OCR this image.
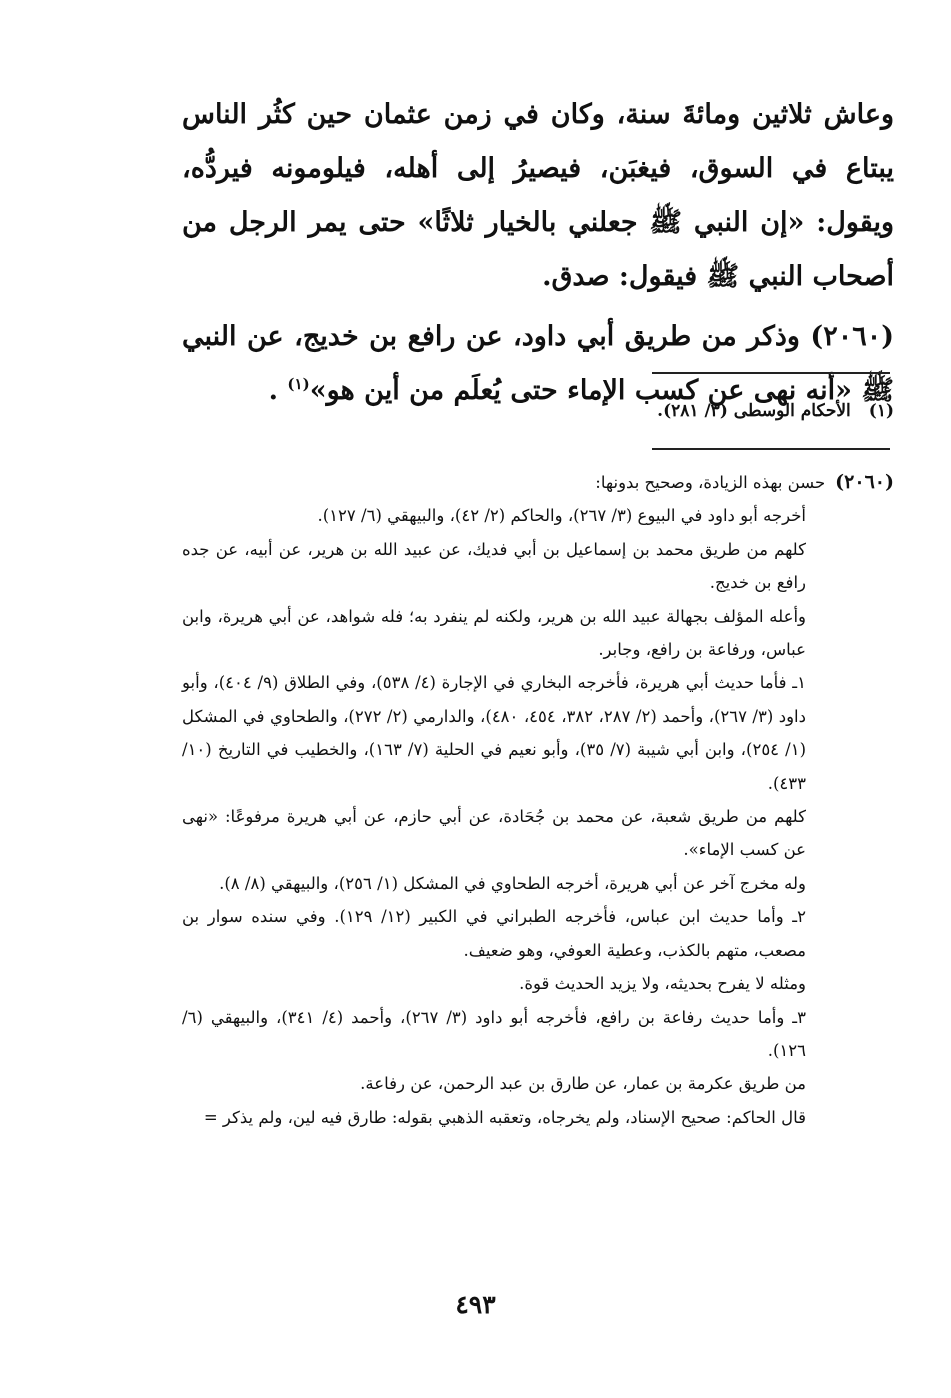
وعاش ثلاثين ومائةَ سنة، وكان في زمن عثمان حين كثُر الناس يبتاع في السوق، فيغبَن، فيصيرُ إلى أهله، فيلومونه فيردُّه، ويقول: «إن النبي ﷺ جعلني بالخيار ثلاثًا» حتى يمر الرجل من أصحاب النبي ﷺ فيقول: صدق.

(٢٠٦٠) وذكر من طريق أبي داود، عن رافع بن خديج، عن النبي ﷺ «أنه نهى عن كسب الإماء حتى يُعلَم من أين هو»$^{(١)}$ .

(١)الأحكام الوسطى (٣/ ٢٨١).

(٢٠٦٠)حسن بهذه الزيادة، وصحيح بدونها:

أخرجه أبو داود في البيوع (٣/ ٢٦٧)، والحاكم (٢/ ٤٢)، والبيهقي (٦/ ١٢٧).

كلهم من طريق محمد بن إسماعيل بن أبي فديك، عن عبيد الله بن هرير، عن أبيه، عن جده رافع بن خديج.

وأعله المؤلف بجهالة عبيد الله بن هرير، ولكنه لم ينفرد به؛ فله شواهد، عن أبي هريرة، وابن عباس، ورفاعة بن رافع، وجابر.

١ـ فأما حديث أبي هريرة، فأخرجه البخاري في الإجارة (٤/ ٥٣٨)، وفي الطلاق (٩/ ٤٠٤)، وأبو داود (٣/ ٢٦٧)، وأحمد (٢/ ٢٨٧، ٣٨٢، ٤٥٤، ٤٨٠)، والدارمي (٢/ ٢٧٢)، والطحاوي في المشكل (١/ ٢٥٤)، وابن أبي شيبة (٧/ ٣٥)، وأبو نعيم في الحلية (٧/ ١٦٣)، والخطيب في التاريخ (١٠/ ٤٣٣).

كلهم من طريق شعبة، عن محمد بن جُحَادة، عن أبي حازم، عن أبي هريرة مرفوعًا: «نهى عن كسب الإماء».

وله مخرج آخر عن أبي هريرة، أخرجه الطحاوي في المشكل (١/ ٢٥٦)، والبيهقي (٨/ ٨).

٢ـ وأما حديث ابن عباس، فأخرجه الطبراني في الكبير (١٢/ ١٢٩). وفي سنده سوار بن مصعب، متهم بالكذب، وعطية العوفي، وهو ضعيف.

ومثله لا يفرح بحديثه، ولا يزيد الحديث قوة.

٣ـ وأما حديث رفاعة بن رافع، فأخرجه أبو داود (٣/ ٢٦٧)، وأحمد (٤/ ٣٤١)، والبيهقي (٦/ ١٢٦).

من طريق عكرمة بن عمار، عن طارق بن عبد الرحمن، عن رفاعة.

قال الحاكم: صحيح الإسناد، ولم يخرجاه، وتعقبه الذهبي بقوله: طارق فيه لين، ولم يذكر =

٤٩٣
